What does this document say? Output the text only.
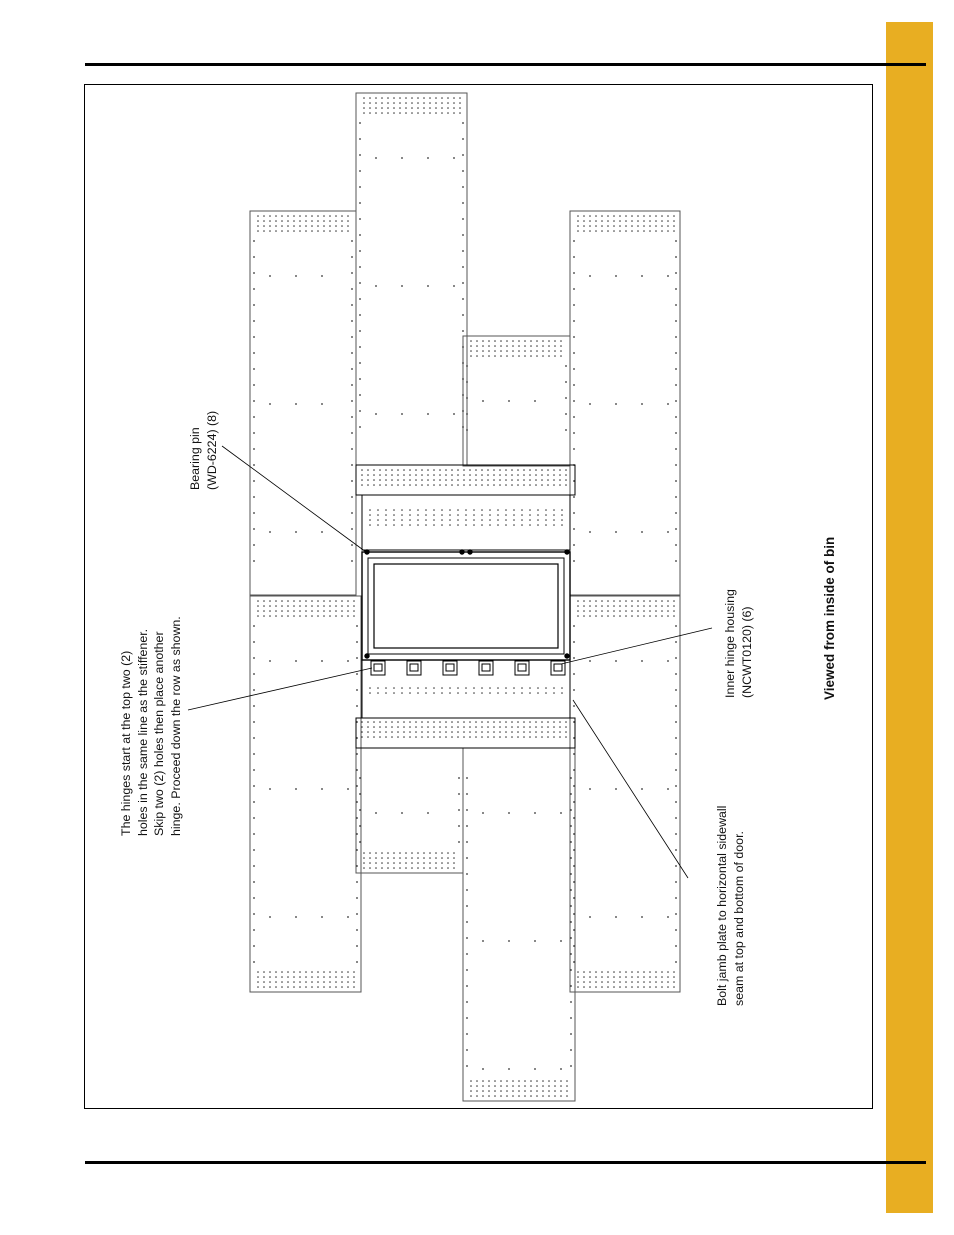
Bearing pin (WD-6224) (8)
The hinges start at the top two (2) holes in the same line as the stiffener. Skip two (2) holes then place another hinge. Proceed down the row as shown.	Inner hinge housing (NCWT0120) (6)
Bolt jamb plate to horizontal sidewall seam at top and bottom of door.
Viewed from inside of bin
